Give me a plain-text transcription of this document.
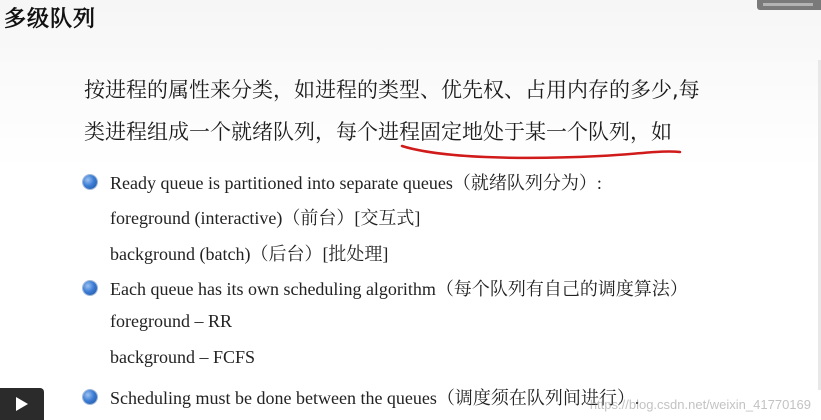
多级队列
按进程的属性来分类，如进程的类型、优先权、占用内存的多少,每
类进程组成一个就绪队列，每个进程固定地处于某一个队列，如
Ready queue is partitioned into separate queues（就绪队列分为）:
foreground (interactive)（前台）[交互式]
background (batch)（后台）[批处理]
Each queue has its own scheduling algorithm（每个队列有自己的调度算法）
foreground – RR
background – FCFS
Scheduling must be done between the queues（调度须在队列间进行）.
https://blog.csdn.net/weixin_41770169
